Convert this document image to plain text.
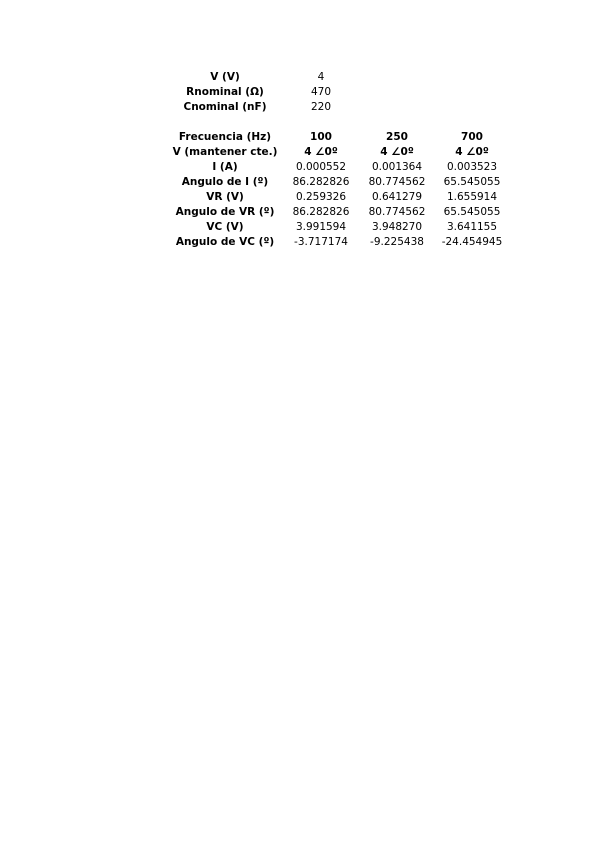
V (V)	4
Rnominal (Ω)	470
Cnominal (nF)	220
Frecuencia (Hz)	100	250	700
V (mantener cte.)	4 ∠0º	4 ∠0º	4 ∠0º
I (A)	0.000552	0.001364	0.003523
Angulo de I (º)	86.282826	80.774562	65.545055
VR (V)	0.259326	0.641279	1.655914
Angulo de VR (º)	86.282826	80.774562	65.545055
VC (V)	3.991594	3.948270	3.641155
Angulo de VC (º)	-3.717174	-9.225438	-24.454945
